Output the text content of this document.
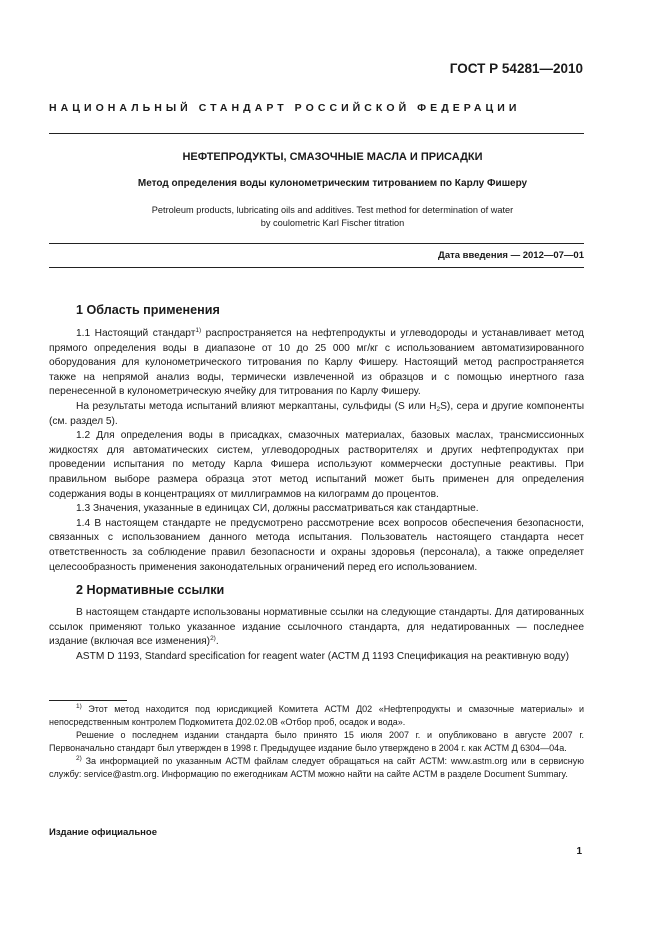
ГОСТ Р 54281—2010
НАЦИОНАЛЬНЫЙ СТАНДАРТ РОССИЙСКОЙ ФЕДЕРАЦИИ
НЕФТЕПРОДУКТЫ, СМАЗОЧНЫЕ МАСЛА И ПРИСАДКИ
Метод определения воды кулонометрическим титрованием по Карлу Фишеру
Petroleum products, lubricating oils and additives. Test method for determination of water
by coulometric Karl Fischer titration
Дата введения — 2012—07—01
1 Область применения

1.1 Настоящий стандарт$^{1)}$ распространяется на нефтепродукты и углеводороды и устанавливает метод прямого определения воды в диапазоне от 10 до 25 000 мг/кг с использованием автоматизированного оборудования для кулонометрического титрования по Карлу Фишеру. Настоящий метод распространяется также на непрямой анализ воды, термически извлеченной из образцов и с помощью инертного газа перенесенной в кулонометрическую ячейку для титрования по Карлу Фишеру.

На результаты метода испытаний влияют меркаптаны, сульфиды (S или $H_2S$), сера и другие компоненты (см. раздел 5).

1.2 Для определения воды в присадках, смазочных материалах, базовых маслах, трансмиссионных жидкостях для автоматических систем, углеводородных растворителях и других нефтепродуктах при проведении испытания по методу Карла Фишера используют коммерчески доступные реактивы. При правильном выборе размера образца этот метод испытаний может быть применен для определения содержания воды в концентрациях от миллиграммов на килограмм до процентов.

1.3 Значения, указанные в единицах СИ, должны рассматриваться как стандартные.

1.4 В настоящем стандарте не предусмотрено рассмотрение всех вопросов обеспечения безопасности, связанных с использованием данного метода испытания. Пользователь настоящего стандарта несет ответственность за соблюдение правил безопасности и охраны здоровья (персонала), а также определяет целесообразность применения законодательных ограничений перед его использованием.

2 Нормативные ссылки

В настоящем стандарте использованы нормативные ссылки на следующие стандарты. Для датированных ссылок применяют только указанное издание ссылочного стандарта, для недатированных — последнее издание (включая все изменения)$^{2)}$.

ASTM D 1193, Standard specification for reagent water (АСТМ Д 1193 Спецификация на реактивную воду)

$^{1)}$ Этот метод находится под юрисдикцией Комитета АСТМ Д02 «Нефтепродукты и смазочные материалы» и непосредственным контролем Подкомитета Д02.02.0В «Отбор проб, осадок и вода».

Решение о последнем издании стандарта было принято 15 июля 2007 г. и опубликовано в августе 2007 г. Первоначально стандарт был утвержден в 1998 г. Предыдущее издание было утверждено в 2004 г. как АСТМ Д 6304—04а.

$^{2)}$ За информацией по указанным АСТМ файлам следует обращаться на сайт АСТМ: www.astm.org или в сервисную службу: service@astm.org. Информацию по ежегодникам АСТМ можно найти на сайте АСТМ в разделе Document Summary.

Издание официальное
1
